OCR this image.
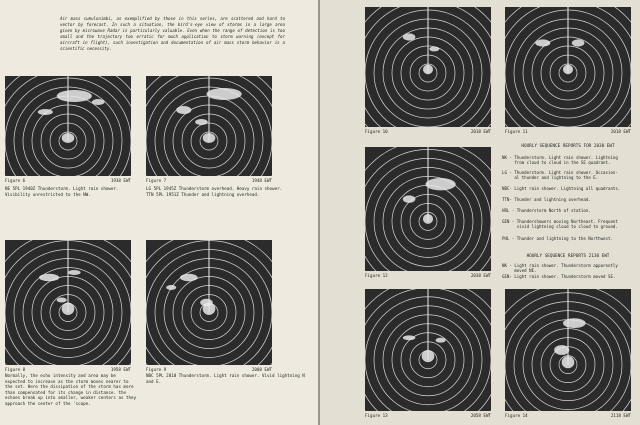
Air mass cumulonimbi, as exemplified by those in this series, are scattered and hard to vector by forecast. In such a situation, the bird's-eye view of storms in a large area given by microwave Radar is particularly valuable. Even when the range of detection is too small and the trajectory too erratic for much application to storm warning (except for aircraft in flight), such investigation and documentation of air mass storm behavior is a scientific necessity.
Figure 6	1938 EWT
NE 5PL 1940Z Thunderstorm. Light rain shower. Visibility unrestricted to the NW.
Figure 7	1948 EWT
LG 5PL 1945Z Thunderstorm overhead. Heavy rain shower.
TTN 5PL 1951Z Thunder and lightning overhead.
Figure 8	1958 EWT
Normally, the echo intensity and area may be expected to increase as the storm moves nearer to the set. Here the dissipation of the storm has more than compensated for its change in distance. the echoes break up into smaller, weaker centers as they approach the center of the 'scope.
Figure 9	2008 EWT
NBC 5PL 2010 Thunderstorm. Light rain shower. Vivid lightning N and E.
Figure 10	2018 EWT	Figure 11	2018 EWT
Figure 12	2038 EWT
HOURLY SEQUENCE REPORTS FOR 2030 EWT
NK - Thunderstorm. Light rain shower. Lightning
from cloud to cloud in the SE quadrant.
LG - Thunderstorm. Light rain shower. Occasion-
al thunder and lightning to the E.
NBC- Light rain shower. Lightning all quadrants.
TTN- Thunder and lightning overhead.
HRL - Thunderstorm North of station.
GEN - Thundershowers moving Northeast. Frequent
vivid lightning cloud to cloud to ground.
PHL - Thunder and lightning to the Northwest.
HOURLY SEQUENCE REPORTS 2130 EWT
NK - Light rain shower. Thunderstorm apparently
moved NE.
GEN- Light rain shower. Thunderstorm moved SE.
Figure 13	2058 EWT	Figure 14	2118 EWT
